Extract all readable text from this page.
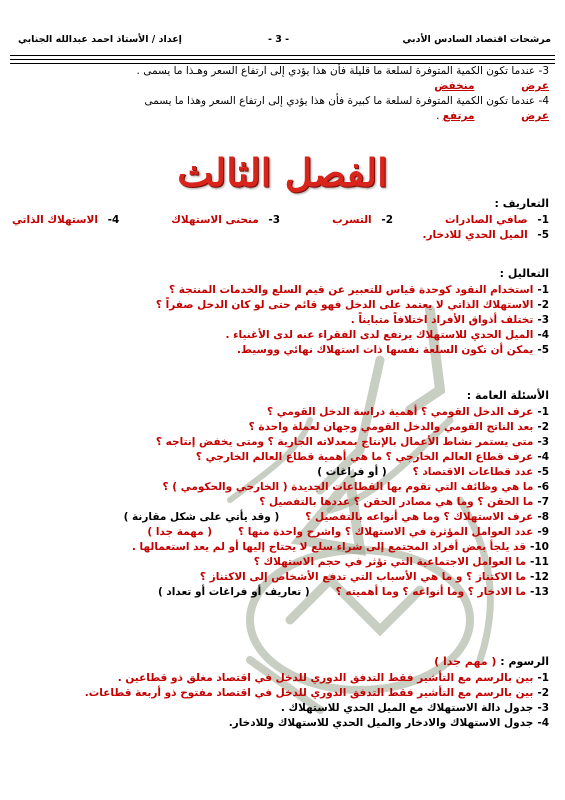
مرشحات اقتصاد السادس الأدبي
- 3 -
إعداد / الأستاذ احمد عبدالله الجنابي
3- عندما تكون الكمية المتوفرة لسلعة ما قليلة فأن هذا يؤدي إلى ارتفاع السعر وهـذا ما يسمى .
عرض  منخفض
4- عندما تكون الكمية المتوفرة لسلعة ما كبيرة فأن هذا يؤدي إلى ارتفاع السعر وهذا ما يسمى
عرض  مرتفع .
الفصل الثالث
التعاريف :
1- صافي الصادرات
2- التسرب
3- منحنى الاستهلاك
4- الاستهلاك الذاتي
5- الميل الحدي للادخار.
التعاليل :
1-استخدام النقود كوحدة قياس للتعبير عن قيم السلع والخدمات المنتجة ؟
2-الاستهلاك الذاتي لا يعتمد على الدخل فهو قائم حتى لو كان الدخل صفراً ؟
3-تختلف أذواق الأفراد اختلافاً متبايناً .
4-الميل الحدي للاستهلاك يرتفع لدى الفقراء عنه لدى الأغنياء .
5-يمكن أن تكون السلعة نفسها ذات استهلاك نهائي ووسيط.
الأسئلة العامة :
1-عرف الدخل القومي ؟ أهمية دراسة الدخل القومي ؟
2-بعد الناتج القومي والدخل القومي وجهان لعملة واحدة ؟
3-متى يستمر نشاط الأعمال بالإنتاج بمعدلاته الجارية ؟ ومتى يخفض إنتاجه ؟
4-عرف قطاع العالم الخارجي ؟ ما هي أهمية قطاع العالم الخارجي ؟
5-عدد قطاعات الاقتصاد ؟( أو فراغات )
6-ما هي وظائف التي تقوم بها القطاعات الجديدة ( الخارجي والحكومي ) ؟
7-ما الحقن ؟ وما هي مصادر الحقن ؟ عددها بالتفصيل ؟
8-عرف الاستهلاك ؟ وما هي أنواعه بالتفصيل ؟( وقد يأتي على شكل مقارنة )
9-عدد العوامل المؤثرة في الاستهلاك ؟ واشرح واحدة منها ؟( مهمة جدا )
10-قد يلجأ بعض أفراد المجتمع إلى شراء سلع لا يحتاج إليها أو لم يعد استعمالها .
11-ما العوامل الاجتماعية التي تؤثر في حجم الاستهلاك ؟
12-ما الاكتناز ؟ و ما هي الأسباب التي تدفع الأشخاص إلى الاكتناز ؟
13-ما الادخار ؟ وما أنواعه ؟ وما أهميته ؟( تعاريف أو فراغات أو تعداد )
الرسوم : ( مهم جدا )
1-بين بالرسم مع التأشير فقط التدفق الدوري للدخل في اقتصاد مغلق ذو قطاعين .
2-بين بالرسم مع التأشير فقط التدفق الدوري للدخل في اقتصاد مفتوح ذو أربعة قطاعات.
3-جدول دالة الاستهلاك مع الميل الحدي للاستهلاك .
4-جدول الاستهلاك والادخار والميل الحدي للاستهلاك وللادخار.
